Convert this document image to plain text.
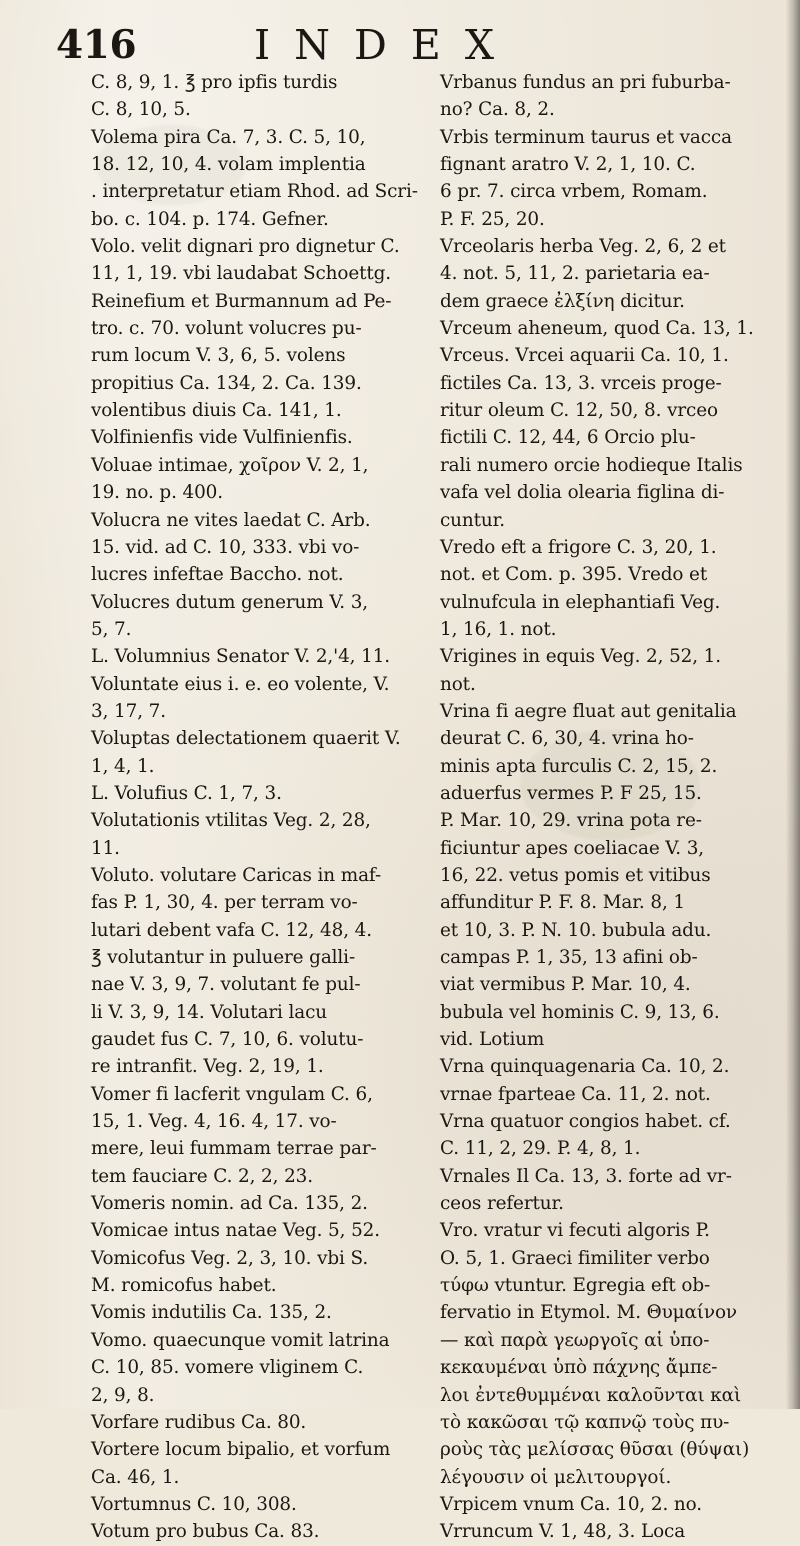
416	INDEX
C. 8, 9, 1. ℥ pro ipfis turdis
C. 8, 10, 5.
Volema pira Ca. 7, 3. C. 5, 10,
18. 12, 10, 4. volam implentia
. interpretatur etiam Rhod. ad Scri-
bo. c. 104. p. 174. Gefner.
Volo. velit dignari pro dignetur C.
11, 1, 19. vbi laudabat Schoettg.
Reinefium et Burmannum ad Pe-
tro. c. 70. volunt volucres pu-
rum locum V. 3, 6, 5. volens
propitius Ca. 134, 2. Ca. 139.
volentibus diuis Ca. 141, 1.
Volfinienfis vide Vulfinienfis.
Voluae intimae, χοῖρον V. 2, 1,
19. no. p. 400.
Volucra ne vites laedat C. Arb.
15. vid. ad C. 10, 333. vbi vo-
lucres infeftae Baccho. not.
Volucres dutum generum V. 3,
5, 7.
L. Volumnius Senator V. 2,'4, 11.
Voluntate eius i. e. eo volente, V.
3, 17, 7.
Voluptas delectationem quaerit V.
1, 4, 1.
L. Volufius C. 1, 7, 3.
Volutationis vtilitas Veg. 2, 28,
11.
Voluto. volutare Caricas in maf-
fas P. 1, 30, 4. per terram vo-
lutari debent vafa C. 12, 48, 4.
℥ volutantur in puluere galli-
nae V. 3, 9, 7. volutant fe pul-
li V. 3, 9, 14. Volutari lacu
gaudet fus C. 7, 10, 6. volutu-
re intranfit. Veg. 2, 19, 1.
Vomer fi lacferit vngulam C. 6,
15, 1. Veg. 4, 16. 4, 17. vo-
mere, leui fummam terrae par-
tem fauciare C. 2, 2, 23.
Vomeris nomin. ad Ca. 135, 2.
Vomicae intus natae Veg. 5, 52.
Vomicofus Veg. 2, 3, 10. vbi S.
M. romicofus habet.
Vomis indutilis Ca. 135, 2.
Vomo. quaecunque vomit latrina
C. 10, 85. vomere vliginem C.
2, 9, 8.
Vorfare rudibus Ca. 80.
Vortere locum bipalio, et vorfum
Ca. 46, 1.
Vortumnus C. 10, 308.
Votum pro bubus Ca. 83.
Vrbanus fundus an pri fuburba-
no? Ca. 8, 2.
Vrbis terminum taurus et vacca
fignant aratro V. 2, 1, 10. C.
6 pr. 7. circa vrbem, Romam.
P. F. 25, 20.
Vrceolaris herba Veg. 2, 6, 2 et
4. not. 5, 11, 2. parietaria ea-
dem graece ἐλξίνη dicitur.
Vrceum aheneum, quod Ca. 13, 1.
Vrceus. Vrcei aquarii Ca. 10, 1.
fictiles Ca. 13, 3. vrceis proge-
ritur oleum C. 12, 50, 8. vrceo
fictili C. 12, 44, 6 Orcio plu-
rali numero orcie hodieque Italis
vafa vel dolia olearia figlina di-
cuntur.
Vredo eft a frigore C. 3, 20, 1.
not. et Com. p. 395. Vredo et
vulnufcula in elephantiafi Veg.
1, 16, 1. not.
Vrigines in equis Veg. 2, 52, 1.
not.
Vrina fi aegre fluat aut genitalia
deurat C. 6, 30, 4. vrina ho-
minis apta furculis C. 2, 15, 2.
aduerfus vermes P. F 25, 15.
P. Mar. 10, 29. vrina pota re-
ficiuntur apes coeliacae V. 3,
16, 22. vetus pomis et vitibus
affunditur P. F. 8. Mar. 8, 1
et 10, 3. P. N. 10. bubula adu.
campas P. 1, 35, 13 afini ob-
viat vermibus P. Mar. 10, 4.
bubula vel hominis C. 9, 13, 6.
vid. Lotium
Vrna quinquagenaria Ca. 10, 2.
vrnae fparteae Ca. 11, 2. not.
Vrna quatuor congios habet. cf.
C. 11, 2, 29. P. 4, 8, 1.
Vrnales Il Ca. 13, 3. forte ad vr-
ceos refertur.
Vro. vratur vi fecuti algoris P.
O. 5, 1. Graeci fimiliter verbo
τύφω vtuntur. Egregia eft ob-
fervatio in Etymol. M. Θυμαίνον
— καὶ παρὰ γεωργοῖς αἱ ὑπο-
κεκαυμέναι ὑπὸ πάχνης ἄμπε-
λοι ἐντεθυμμέναι καλοῦνται καὶ
τὸ κακῶσαι τῷ καπνῷ τοὺς πυ-
ροὺς τὰς μελίσσας θῦσαι (θύψαι)
λέγουσιν οἱ μελιτουργοί.
Vrpicem vnum Ca. 10, 2. no.
Vrruncum V. 1, 48, 3. Loca
